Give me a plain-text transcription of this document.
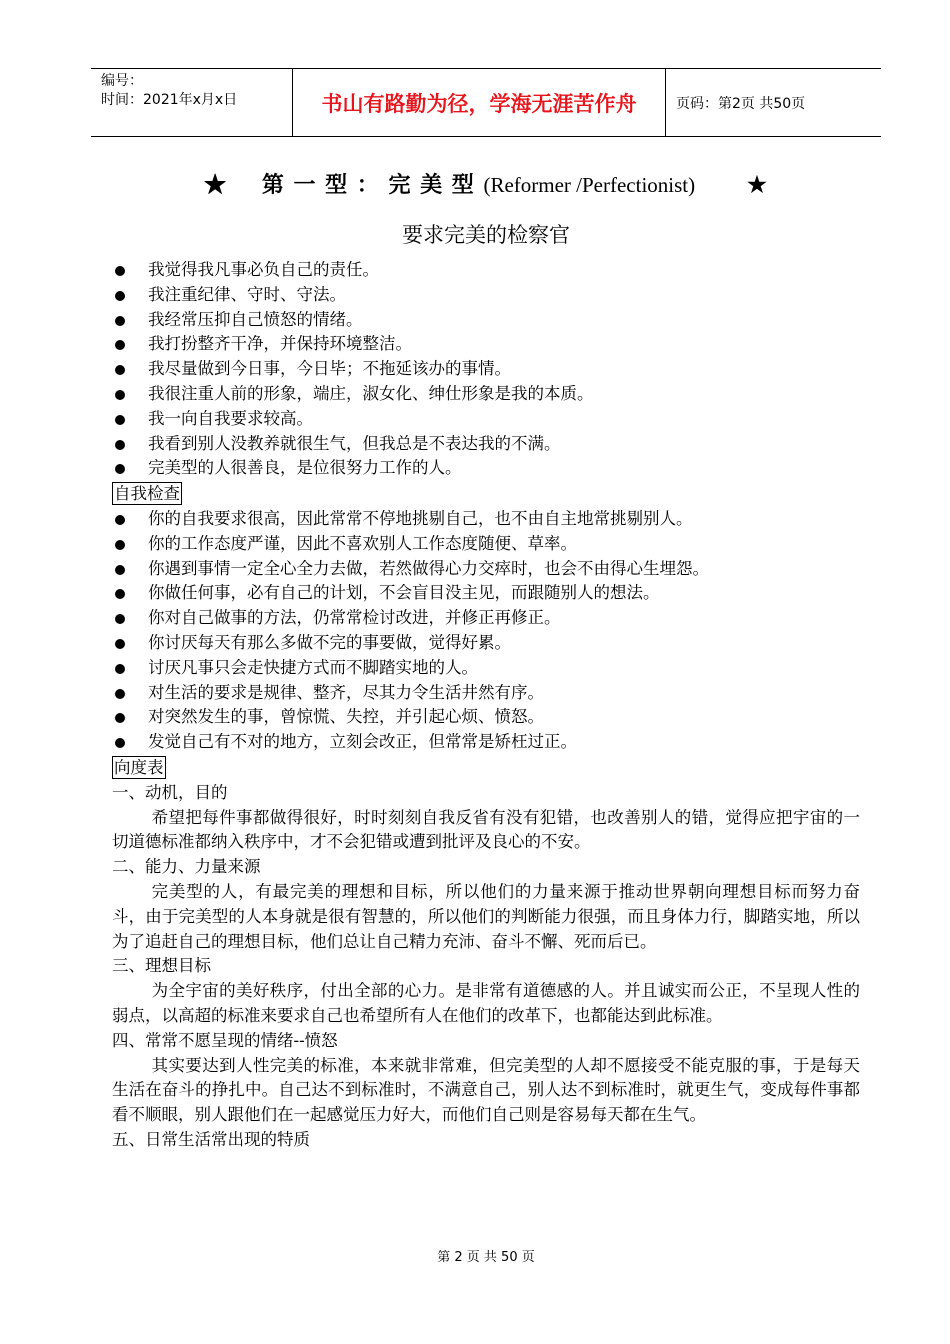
编号：
时间：2021年x月x日	书山有路勤为径，学海无涯苦作舟	页码：第2页 共50页
★ 第 一 型 ： 完 美 型 (Reformer /Perfectionist) ★
要求完美的检察官
我觉得我凡事必负自己的责任。
我注重纪律、守时、守法。
我经常压抑自己愤怒的情绪。
我打扮整齐干净，并保持环境整洁。
我尽量做到今日事，今日毕；不拖延该办的事情。
我很注重人前的形象，端庄，淑女化、绅仕形象是我的本质。
我一向自我要求较高。
我看到别人没教养就很生气，但我总是不表达我的不满。
完美型的人很善良，是位很努力工作的人。
自我检查
你的自我要求很高，因此常常不停地挑剔自己，也不由自主地常挑剔别人。
你的工作态度严谨，因此不喜欢别人工作态度随便、草率。
你遇到事情一定全心全力去做，若然做得心力交瘁时，也会不由得心生埋怨。
你做任何事，必有自己的计划，不会盲目没主见，而跟随别人的想法。
你对自己做事的方法，仍常常检讨改进，并修正再修正。
你讨厌每天有那么多做不完的事要做，觉得好累。
讨厌凡事只会走快捷方式而不脚踏实地的人。
对生活的要求是规律、整齐，尽其力令生活井然有序。
对突然发生的事，曾惊慌、失控，并引起心烦、愤怒。
发觉自己有不对的地方，立刻会改正，但常常是矫枉过正。
向度表
一、动机，目的
希望把每件事都做得很好，时时刻刻自我反省有没有犯错，也改善别人的错，觉得应把宇宙的一切道德标准都纳入秩序中，才不会犯错或遭到批评及良心的不安。
二、能力、力量来源
完美型的人，有最完美的理想和目标，所以他们的力量来源于推动世界朝向理想目标而努力奋斗，由于完美型的人本身就是很有智慧的，所以他们的判断能力很强，而且身体力行，脚踏实地，所以为了追赶自己的理想目标，他们总让自己精力充沛、奋斗不懈、死而后已。
三、理想目标
为全宇宙的美好秩序，付出全部的心力。是非常有道德感的人。并且诚实而公正，不呈现人性的弱点，以高超的标准来要求自己也希望所有人在他们的改革下，也都能达到此标准。
四、常常不愿呈现的情绪--愤怒
其实要达到人性完美的标准，本来就非常难，但完美型的人却不愿接受不能克服的事，于是每天生活在奋斗的挣扎中。自己达不到标准时，不满意自己，别人达不到标准时，就更生气，变成每件事都看不顺眼，别人跟他们在一起感觉压力好大，而他们自己则是容易每天都在生气。
五、日常生活常出现的特质
第 2 页 共 50 页
